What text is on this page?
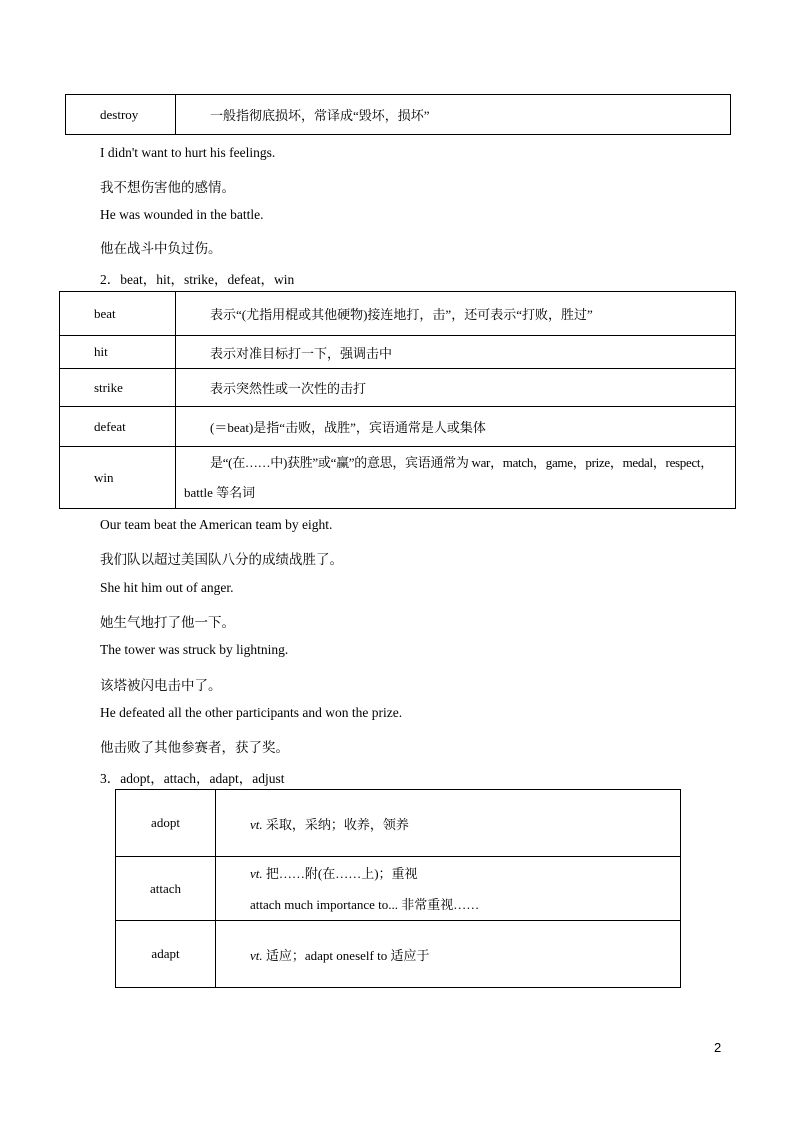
destroy	一般指彻底损坏，常译成“毁坏，损坏”
I didn't want to hurt his feelings.
我不想伤害他的感情。
He was wounded in the battle.
他在战斗中负过伤。
2．beat，hit，strike，defeat，win
beat	表示“(尤指用棍或其他硬物)接连地打，击”，还可表示“打败，胜过”
hit	表示对准目标打一下，强调击中
strike	表示突然性或一次性的击打
defeat	(＝beat)是指“击败，战胜”，宾语通常是人或集体
win	是“(在……中)获胜”或“赢”的意思，宾语通常为 war，match，game，prize，medal，respect，
battle 等名词
Our team beat the American team by eight.
我们队以超过美国队八分的成绩战胜了。
She hit him out of anger.
她生气地打了他一下。
The tower was struck by lightning.
该塔被闪电击中了。
He defeated all the other participants and won the prize.
他击败了其他参赛者，获了奖。
3．adopt，attach，adapt，adjust
adopt	vt. 采取，采纳；收养，领养
attach	vt. 把……附(在……上)；重视
attach much importance to... 非常重视……

adapt	vt. 适应；adapt oneself to 适应于
2
